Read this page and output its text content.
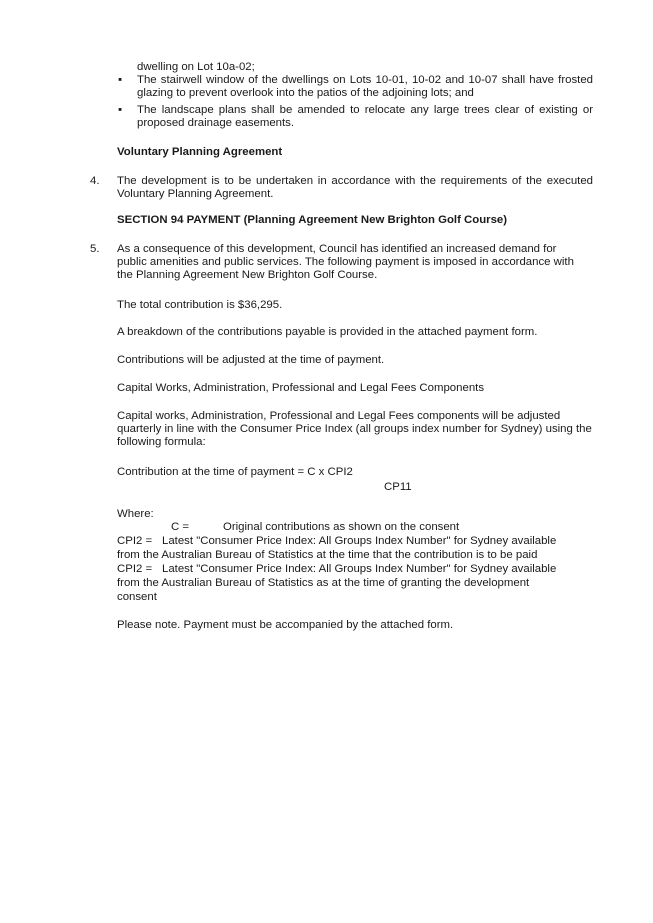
dwelling on Lot 10a-02;
▪ The stairwell window of the dwellings on Lots 10-01, 10-02 and 10-07 shall have frosted glazing to prevent overlook into the patios of the adjoining lots; and
▪ The landscape plans shall be amended to relocate any large trees clear of existing or proposed drainage easements.
Voluntary Planning Agreement
4. The development is to be undertaken in accordance with the requirements of the executed Voluntary Planning Agreement.
SECTION 94 PAYMENT (Planning Agreement New Brighton Golf Course)
5. As a consequence of this development, Council has identified an increased demand for public amenities and public services. The following payment is imposed in accordance with the Planning Agreement New Brighton Golf Course.
The total contribution is $36,295.
A breakdown of the contributions payable is provided in the attached payment form.
Contributions will be adjusted at the time of payment.
Capital Works, Administration, Professional and Legal Fees Components
Capital works, Administration, Professional and Legal Fees components will be adjusted quarterly in line with the Consumer Price Index (all groups index number for Sydney) using the following formula:
Contribution at the time of payment = C x CPI2
CP11
Where:
C =	Original contributions as shown on the consent
CPI2 = Latest "Consumer Price Index: All Groups Index Number" for Sydney available
from the Australian Bureau of Statistics at the time that the contribution is to be paid
CPI2 = Latest "Consumer Price Index: All Groups Index Number" for Sydney available
from the Australian Bureau of Statistics as at the time of granting the development
consent
Please note. Payment must be accompanied by the attached form.
